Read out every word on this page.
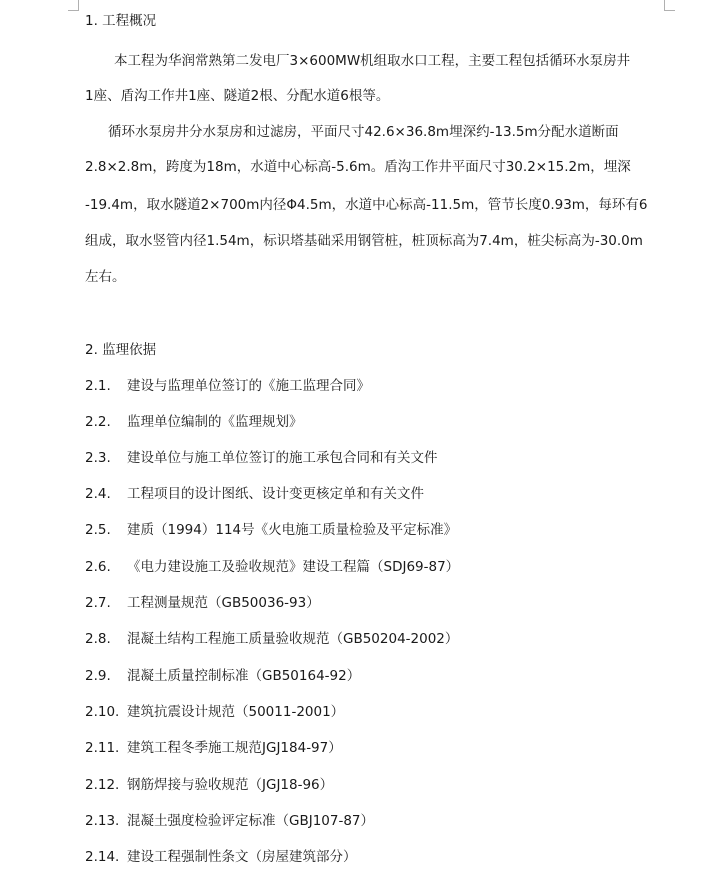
1. 工程概况
本工程为华润常熟第二发电厂3×600MW机组取水口工程，主要工程包括循环水泵房井
1座、盾沟工作井1座、隧道2根、分配水道6根等。
循环水泵房井分水泵房和过滤房，平面尺寸42.6×36.8m埋深约-13.5m分配水道断面
2.8×2.8m，跨度为18m，水道中心标高-5.6m。盾沟工作井平面尺寸30.2×15.2m，埋深
-19.4m，取水隧道2×700m内径Φ4.5m，水道中心标高-11.5m，管节长度0.93m，每环有6
组成，取水竖管内径1.54m，标识塔基础采用钢管桩，桩顶标高为7.4m，桩尖标高为-30.0m
左右。
2. 监理依据
2.1. 建设与监理单位签订的《施工监理合同》
2.2. 监理单位编制的《监理规划》
2.3. 建设单位与施工单位签订的施工承包合同和有关文件
2.4. 工程项目的设计图纸、设计变更核定单和有关文件
2.5. 建质（1994）114号《火电施工质量检验及平定标准》
2.6. 《电力建设施工及验收规范》建设工程篇（SDJ69-87）
2.7. 工程测量规范（GB50036-93）
2.8. 混凝土结构工程施工质量验收规范（GB50204-2002）
2.9. 混凝土质量控制标准（GB50164-92）
2.10. 建筑抗震设计规范（50011-2001）
2.11. 建筑工程冬季施工规范JGJ184-97）
2.12. 钢筋焊接与验收规范（JGJ18-96）
2.13. 混凝土强度检验评定标准（GBJ107-87）
2.14. 建设工程强制性条文（房屋建筑部分）
